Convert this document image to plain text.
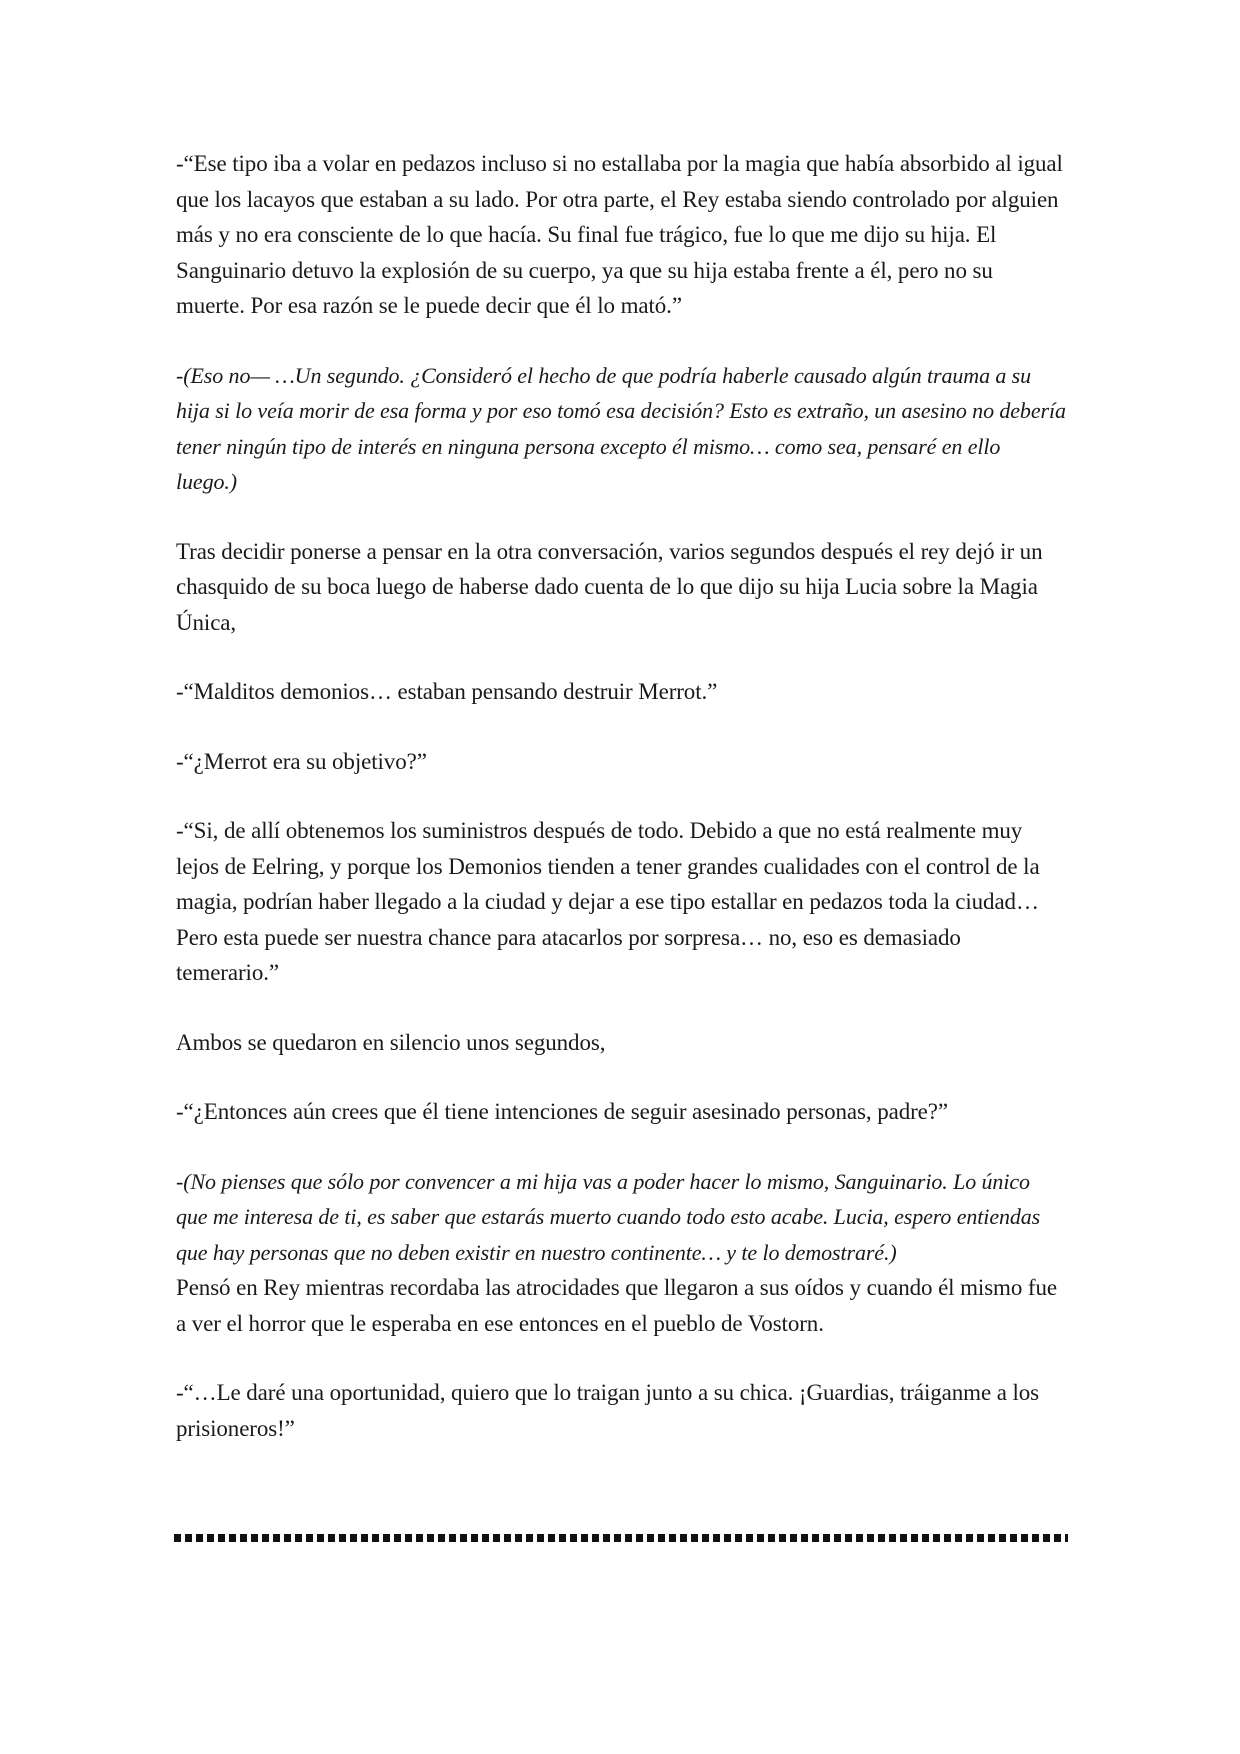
-“Ese tipo iba a volar en pedazos incluso si no estallaba por la magia que había absorbido al igual que los lacayos que estaban a su lado. Por otra parte, el Rey estaba siendo controlado por alguien más y no era consciente de lo que hacía. Su final fue trágico, fue lo que me dijo su hija. El Sanguinario detuvo la explosión de su cuerpo, ya que su hija estaba frente a él, pero no su muerte. Por esa razón se le puede decir que él lo mató.”

-(Eso no— …Un segundo. ¿Consideró el hecho de que podría haberle causado algún trauma a su hija si lo veía morir de esa forma y por eso tomó esa decisión? Esto es extraño, un asesino no debería tener ningún tipo de interés en ninguna persona excepto él mismo… como sea, pensaré en ello luego.)

Tras decidir ponerse a pensar en la otra conversación, varios segundos después el rey dejó ir un chasquido de su boca luego de haberse dado cuenta de lo que dijo su hija Lucia sobre la Magia Única,

-“Malditos demonios… estaban pensando destruir Merrot.”

-“¿Merrot era su objetivo?”

-“Si, de allí obtenemos los suministros después de todo. Debido a que no está realmente muy lejos de Eelring, y porque los Demonios tienden a tener grandes cualidades con el control de la magia, podrían haber llegado a la ciudad y dejar a ese tipo estallar en pedazos toda la ciudad… Pero esta puede ser nuestra chance para atacarlos por sorpresa… no, eso es demasiado temerario.”

Ambos se quedaron en silencio unos segundos,

-“¿Entonces aún crees que él tiene intenciones de seguir asesinado personas, padre?”

-(No pienses que sólo por convencer a mi hija vas a poder hacer lo mismo, Sanguinario. Lo único que me interesa de ti, es saber que estarás muerto cuando todo esto acabe. Lucia, espero entiendas que hay personas que no deben existir en nuestro continente… y te lo demostraré.)

Pensó en Rey mientras recordaba las atrocidades que llegaron a sus oídos y cuando él mismo fue a ver el horror que le esperaba en ese entonces en el pueblo de Vostorn.

-“…Le daré una oportunidad, quiero que lo traigan junto a su chica. ¡Guardias, tráiganme a los prisioneros!”
